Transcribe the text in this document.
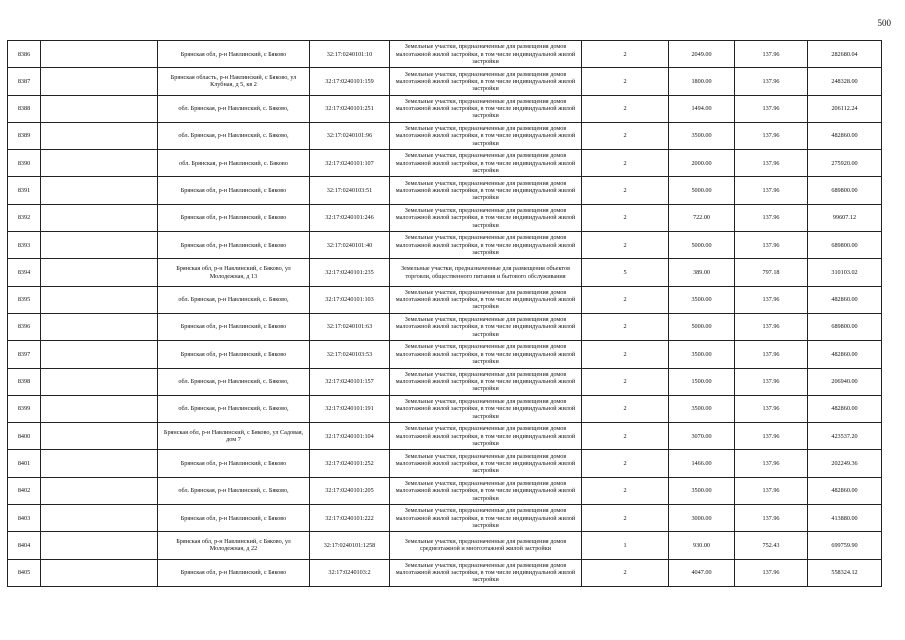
500
8386		Брянская обл, р-н Навлинский, с Бяково	32:17:0240101:10	Земельные участки, предназначенные для размещения домов малоэтажной жилой застройки, в том числе индивидуальной жилой застройки	2	2049.00	137.96	282680.04
8387		Брянская область, р-н Навлинский, с Бяково, ул Клубная, д 5, кв 2	32:17:0240101:159	Земельные участки, предназначенные для размещения домов малоэтажной жилой застройки, в том числе индивидуальной жилой застройки	2	1800.00	137.96	248328.00
8388		обл. Брянская, р-н Навлинский, с. Бяково,	32:17:0240101:251	Земельные участки, предназначенные для размещения домов малоэтажной жилой застройки, в том числе индивидуальной жилой застройки	2	1494.00	137.96	206112.24
8389		обл. Брянская, р-н Навлинский, с. Бяково,	32:17:0240101:96	Земельные участки, предназначенные для размещения домов малоэтажной жилой застройки, в том числе индивидуальной жилой застройки	2	3500.00	137.96	482860.00
8390		обл. Брянская, р-н Навлинский, с. Бяково	32:17:0240101:107	Земельные участки, предназначенные для размещения домов малоэтажной жилой застройки, в том числе индивидуальной жилой застройки	2	2000.00	137.96	275920.00
8391		Брянская обл, р-н Навлинский, с Бяково	32:17:0240103:51	Земельные участки, предназначенные для размещения домов малоэтажной жилой застройки, в том числе индивидуальной жилой застройки	2	5000.00	137.96	689800.00
8392		Брянская обл, р-н Навлинский, с Бяково	32:17:0240101:246	Земельные участки, предназначенные для размещения домов малоэтажной жилой застройки, в том числе индивидуальной жилой застройки	2	722.00	137.96	99607.12
8393		Брянская обл, р-н Навлинский, с Бяково	32:17:0240101:40	Земельные участки, предназначенные для размещения домов малоэтажной жилой застройки, в том числе индивидуальной жилой застройки	2	5000.00	137.96	689800.00
8394		Брянская обл, р-н Навлинский, с Бяково, ул Молодежная, д 13	32:17:0240101:235	Земельные участки, предназначенные для размещения объектов торговли, общественного питания и бытового обслуживания	5	389.00	797.18	310103.02
8395		обл. Брянская, р-н Навлинский, с. Бяково,	32:17:0240101:103	Земельные участки, предназначенные для размещения домов малоэтажной жилой застройки, в том числе индивидуальной жилой застройки	2	3500.00	137.96	482860.00
8396		Брянская обл, р-н Навлинский, с Бяково	32:17:0240101:63	Земельные участки, предназначенные для размещения домов малоэтажной жилой застройки, в том числе индивидуальной жилой застройки	2	5000.00	137.96	689800.00
8397		Брянская обл, р-н Навлинский, с Бяково	32:17:0240103:53	Земельные участки, предназначенные для размещения домов малоэтажной жилой застройки, в том числе индивидуальной жилой застройки	2	3500.00	137.96	482860.00
8398		обл. Брянская, р-н Навлинский, с. Бяково,	32:17:0240101:157	Земельные участки, предназначенные для размещения домов малоэтажной жилой застройки, в том числе индивидуальной жилой застройки	2	1500.00	137.96	206940.00
8399		обл. Брянская, р-н Навлинский, с. Бяково,	32:17:0240101:191	Земельные участки, предназначенные для размещения домов малоэтажной жилой застройки, в том числе индивидуальной жилой застройки	2	3500.00	137.96	482860.00
8400		Брянская обл, р-н Навлинский, с Бяково, ул Садовая, дом 7	32:17:0240101:104	Земельные участки, предназначенные для размещения домов малоэтажной жилой застройки, в том числе индивидуальной жилой застройки	2	3070.00	137.96	423537.20
8401		Брянская обл, р-н Навлинский, с Бяково	32:17:0240101:252	Земельные участки, предназначенные для размещения домов малоэтажной жилой застройки, в том числе индивидуальной жилой застройки	2	1466.00	137.96	202249.36
8402		обл. Брянская, р-н Навлинский, с. Бяково,	32:17:0240101:205	Земельные участки, предназначенные для размещения домов малоэтажной жилой застройки, в том числе индивидуальной жилой застройки	2	3500.00	137.96	482860.00
8403		Брянская обл, р-н Навлинский, с Бяково	32:17:0240101:222	Земельные участки, предназначенные для размещения домов малоэтажной жилой застройки, в том числе индивидуальной жилой застройки	2	3000.00	137.96	413880.00
8404		Брянская обл, р-н Навлинский, с Бяково, ул Молодежная, д 22	32:17:0240101:1258	Земельные участки, предназначенные для размещения домов среднеэтажной и многоэтажной жилой застройки	1	930.00	752.43	699759.90
8405		Брянская обл, р-н Навлинский, с Бяково	32:17:0240103:2	Земельные участки, предназначенные для размещения домов малоэтажной жилой застройки, в том числе индивидуальной жилой застройки	2	4047.00	137.96	558324.12
